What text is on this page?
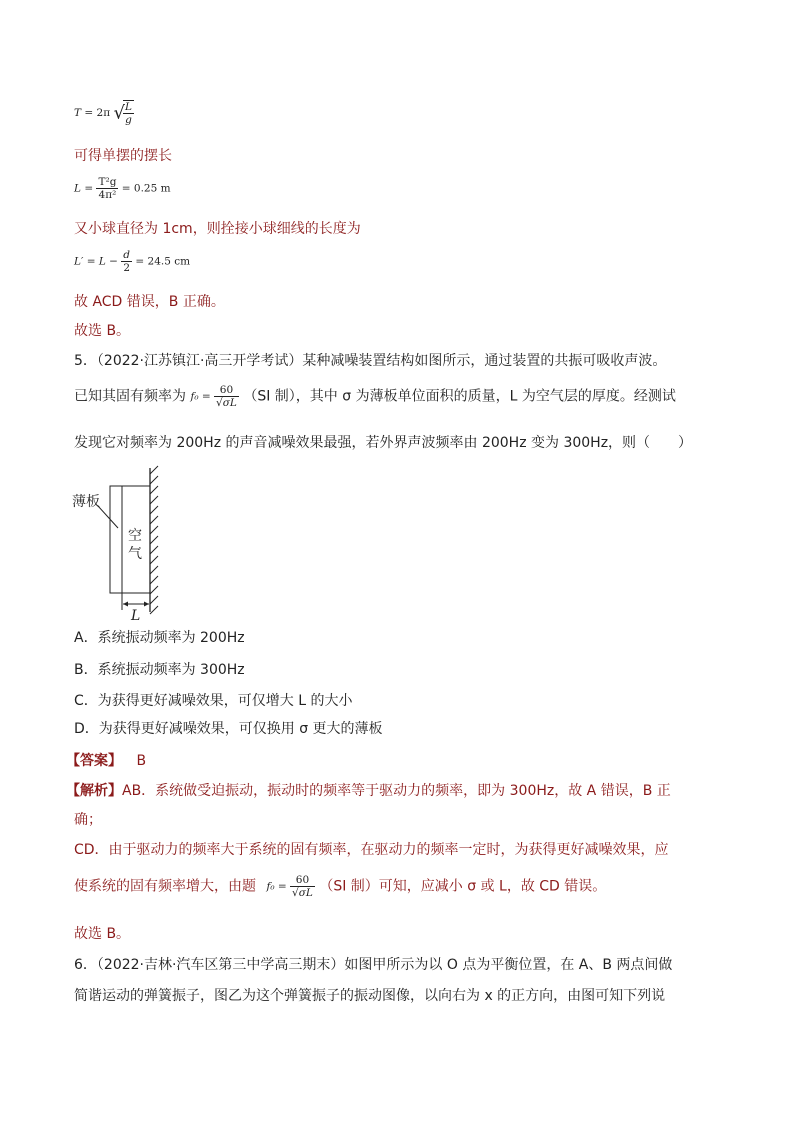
T = 2π √
$\frac{L}{g}$
可得单摆的摆长
$L = \frac{\text{T²g}}{\text{4π²}} = 0.25$ m
又小球直径为 1cm，则拴接小球细线的长度为
$L' = L - \frac{d}{2} = 24.5$ cm
故 ACD 错误，B 正确。
故选 B。
5．（2022·江苏镇江·高三开学考试）某种减噪装置结构如图所示，通过装置的共振可吸收声波。
已知其固有频率为 $f_0 = \frac{60}{√\sigma L} (SI$ 制），其中 σ 为薄板单位面积的质量，L 为空气层的厚度。经测试
发现它对频率为 200Hz 的声音减噪效果最强，若外界声波频率由 200Hz 变为 300Hz，则（　　）
薄板
空
气
L
A．系统振动频率为 200Hz
B．系统振动频率为 300Hz
C．为获得更好减噪效果，可仅增大 L 的大小
D．为获得更好减噪效果，可仅换用 σ 更大的薄板
【答案】 B
【解析】AB．系统做受迫振动，振动时的频率等于驱动力的频率，即为 300Hz，故 A 错误，B 正
确；
CD．由于驱动力的频率大于系统的固有频率，在驱动力的频率一定时，为获得更好减噪效果，应
使系统的固有频率增大，由题 $f_0 = \frac{60}{√\sigma L} (SI$ 制）可知，应减小 σ 或 L，故 CD 错误。
故选 B。
6．（2022·吉林·汽车区第三中学高三期末）如图甲所示为以 O 点为平衡位置，在 A、B 两点间做
简谐运动的弹簧振子，图乙为这个弹簧振子的振动图像，以向右为 x 的正方向，由图可知下列说
